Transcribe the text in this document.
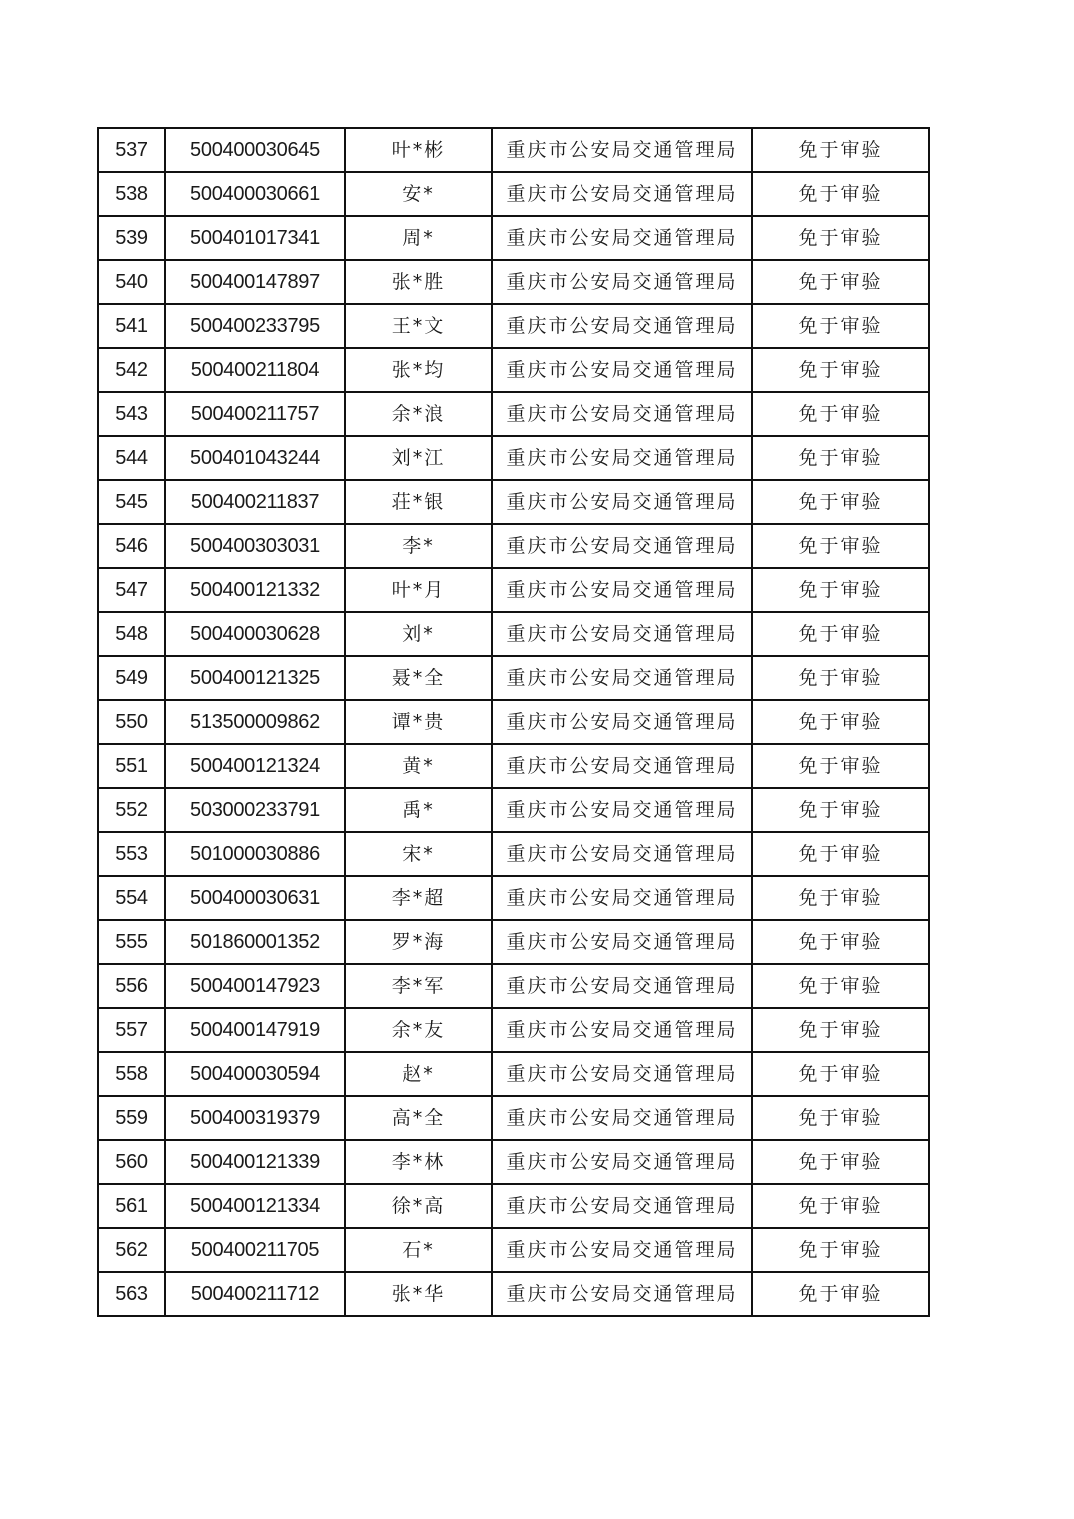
537	500400030645	叶*彬	重庆市公安局交通管理局	免于审验
538	500400030661	安*	重庆市公安局交通管理局	免于审验
539	500401017341	周*	重庆市公安局交通管理局	免于审验
540	500400147897	张*胜	重庆市公安局交通管理局	免于审验
541	500400233795	王*文	重庆市公安局交通管理局	免于审验
542	500400211804	张*均	重庆市公安局交通管理局	免于审验
543	500400211757	余*浪	重庆市公安局交通管理局	免于审验
544	500401043244	刘*江	重庆市公安局交通管理局	免于审验
545	500400211837	荘*银	重庆市公安局交通管理局	免于审验
546	500400303031	李*	重庆市公安局交通管理局	免于审验
547	500400121332	叶*月	重庆市公安局交通管理局	免于审验
548	500400030628	刘*	重庆市公安局交通管理局	免于审验
549	500400121325	聂*全	重庆市公安局交通管理局	免于审验
550	513500009862	谭*贵	重庆市公安局交通管理局	免于审验
551	500400121324	黄*	重庆市公安局交通管理局	免于审验
552	503000233791	禹*	重庆市公安局交通管理局	免于审验
553	501000030886	宋*	重庆市公安局交通管理局	免于审验
554	500400030631	李*超	重庆市公安局交通管理局	免于审验
555	501860001352	罗*海	重庆市公安局交通管理局	免于审验
556	500400147923	李*军	重庆市公安局交通管理局	免于审验
557	500400147919	余*友	重庆市公安局交通管理局	免于审验
558	500400030594	赵*	重庆市公安局交通管理局	免于审验
559	500400319379	高*全	重庆市公安局交通管理局	免于审验
560	500400121339	李*林	重庆市公安局交通管理局	免于审验
561	500400121334	徐*高	重庆市公安局交通管理局	免于审验
562	500400211705	石*	重庆市公安局交通管理局	免于审验
563	500400211712	张*华	重庆市公安局交通管理局	免于审验
